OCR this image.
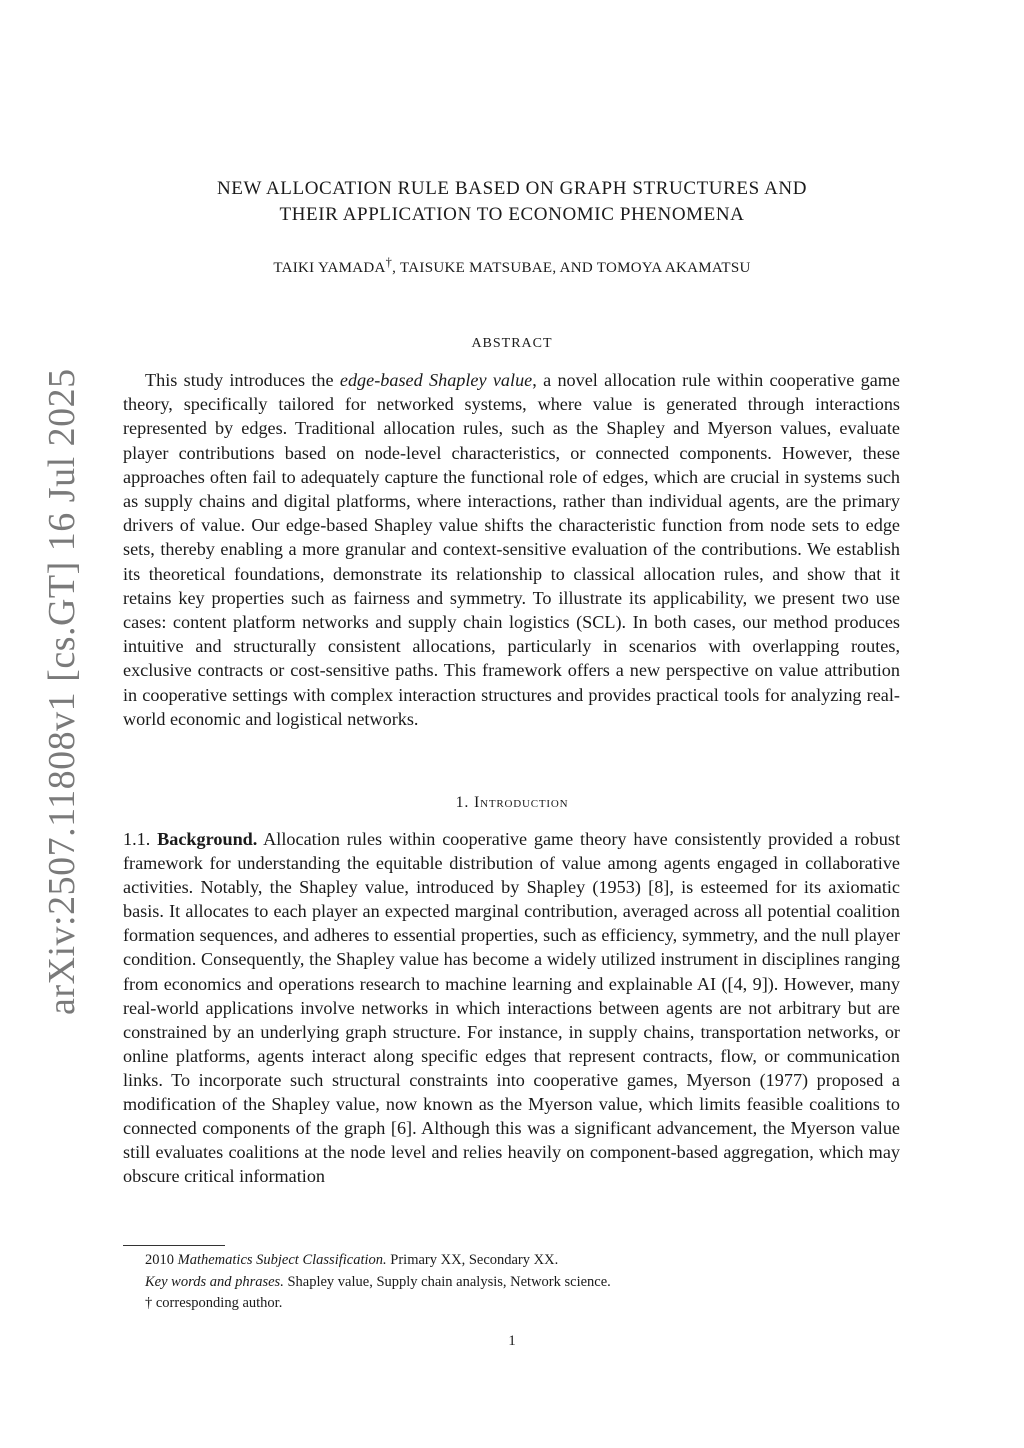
arXiv:2507.11808v1 [cs.GT] 16 Jul 2025
NEW ALLOCATION RULE BASED ON GRAPH STRUCTURES AND
THEIR APPLICATION TO ECONOMIC PHENOMENA
TAIKI YAMADA†, TAISUKE MATSUBAE, AND TOMOYA AKAMATSU
ABSTRACT

This study introduces the edge-based Shapley value, a novel allocation rule within cooperative game theory, specifically tailored for networked systems, where value is generated through interactions represented by edges. Traditional allocation rules, such as the Shapley and Myerson values, evaluate player contributions based on node-level characteristics, or connected components. However, these approaches often fail to adequately capture the functional role of edges, which are crucial in systems such as supply chains and digital platforms, where interactions, rather than individual agents, are the primary drivers of value. Our edge-based Shapley value shifts the characteristic function from node sets to edge sets, thereby enabling a more granular and context-sensitive evaluation of the contributions. We establish its theoretical foundations, demonstrate its relationship to classical allocation rules, and show that it retains key properties such as fairness and symmetry. To illustrate its applicability, we present two use cases: content platform networks and supply chain logistics (SCL). In both cases, our method produces intuitive and structurally consistent allocations, particularly in scenarios with overlapping routes, exclusive contracts or cost-sensitive paths. This framework offers a new perspective on value attribution in cooperative settings with complex interaction structures and provides practical tools for analyzing real-world economic and logistical networks.

1. Introduction

1.1. Background. Allocation rules within cooperative game theory have consistently provided a robust framework for understanding the equitable distribution of value among agents engaged in collaborative activities. Notably, the Shapley value, introduced by Shapley (1953) [8], is esteemed for its axiomatic basis. It allocates to each player an expected marginal contribution, averaged across all potential coalition formation sequences, and adheres to essential properties, such as efficiency, symmetry, and the null player condition. Consequently, the Shapley value has become a widely utilized instrument in disciplines ranging from economics and operations research to machine learning and explainable AI ([4, 9]). However, many real-world applications involve networks in which interactions between agents are not arbitrary but are constrained by an underlying graph structure. For instance, in supply chains, transportation networks, or online platforms, agents interact along specific edges that represent contracts, flow, or communication links. To incorporate such structural constraints into cooperative games, Myerson (1977) proposed a modification of the Shapley value, now known as the Myerson value, which limits feasible coalitions to connected components of the graph [6]. Although this was a significant advancement, the Myerson value still evaluates coalitions at the node level and relies heavily on component-based aggregation, which may obscure critical information

2010 Mathematics Subject Classification. Primary XX, Secondary XX.
Key words and phrases. Shapley value, Supply chain analysis, Network science.
† corresponding author.
1
